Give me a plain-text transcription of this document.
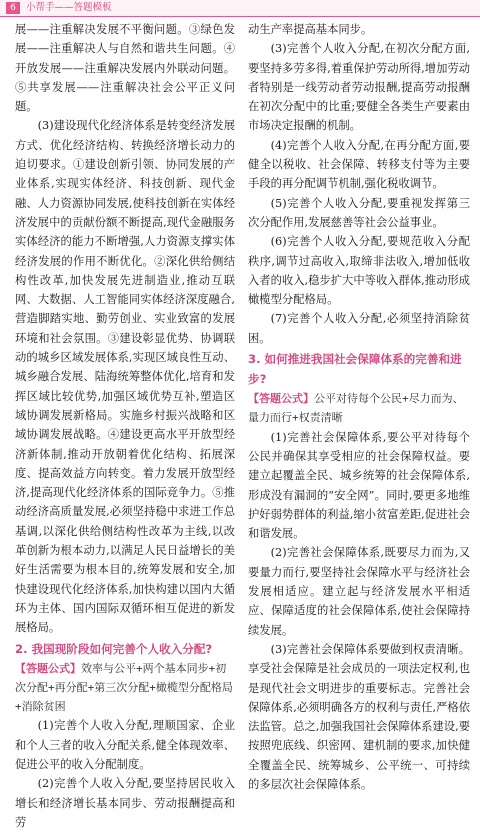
6	小帮手——答题模板

展——注重解决发展不平衡问题。③绿色发展——注重解决人与自然和谐共生问题。④开放发展——注重解决发展内外联动问题。⑤共享发展——注重解决社会公平正义问题。

(3)建设现代化经济体系是转变经济发展方式、优化经济结构、转换经济增长动力的迫切要求。①建设创新引领、协同发展的产业体系,实现实体经济、科技创新、现代金融、人力资源协同发展,使科技创新在实体经济发展中的贡献份额不断提高,现代金融服务实体经济的能力不断增强,人力资源支撑实体经济发展的作用不断优化。②深化供给侧结构性改革,加快发展先进制造业,推动互联网、大数据、人工智能同实体经济深度融合,营造脚踏实地、勤劳创业、实业致富的发展环境和社会氛围。③建设彰显优势、协调联动的城乡区域发展体系,实现区域良性互动、城乡融合发展、陆海统筹整体优化,培育和发挥区域比较优势,加强区域优势互补,塑造区域协调发展新格局。实施乡村振兴战略和区域协调发展战略。④建设更高水平开放型经济新体制,推动开放朝着优化结构、拓展深度、提高效益方向转变。着力发展开放型经济,提高现代化经济体系的国际竞争力。⑤推动经济高质量发展,必须坚持稳中求进工作总基调,以深化供给侧结构性改革为主线,以改革创新为根本动力,以满足人民日益增长的美好生活需要为根本目的,统筹发展和安全,加快建设现代化经济体系,加快构建以国内大循环为主体、国内国际双循环相互促进的新发展格局。

2. 我国现阶段如何完善个人收入分配?

【答题公式】效率与公平+两个基本同步+初次分配+再分配+第三次分配+橄榄型分配格局+消除贫困

(1)完善个人收入分配,理顺国家、企业和个人三者的收入分配关系,健全体现效率、促进公平的收入分配制度。

(2)完善个人收入分配,要坚持居民收入增长和经济增长基本同步、劳动报酬提高和劳

动生产率提高基本同步。

(3)完善个人收入分配,在初次分配方面,要坚持多劳多得,着重保护劳动所得,增加劳动者特别是一线劳动者劳动报酬,提高劳动报酬在初次分配中的比重;要健全各类生产要素由市场决定报酬的机制。

(4)完善个人收入分配,在再分配方面,要健全以税收、社会保障、转移支付等为主要手段的再分配调节机制,强化税收调节。

(5)完善个人收入分配,要重视发挥第三次分配作用,发展慈善等社会公益事业。

(6)完善个人收入分配,要规范收入分配秩序,调节过高收入,取缔非法收入,增加低收入者的收入,稳步扩大中等收入群体,推动形成橄榄型分配格局。

(7)完善个人收入分配,必须坚持消除贫困。

3. 如何推进我国社会保障体系的完善和进步?

【答题公式】公平对待每个公民+尽力而为、量力而行+权责清晰

(1)完善社会保障体系,要公平对待每个公民并确保其享受相应的社会保障权益。要建立起覆盖全民、城乡统筹的社会保障体系,形成没有漏洞的“安全网”。同时,要更多地维护好弱势群体的利益,缩小贫富差距,促进社会和谐发展。

(2)完善社会保障体系,既要尽力而为,又要量力而行,要坚持社会保障水平与经济社会发展相适应。建立起与经济发展水平相适应、保障适度的社会保障体系,使社会保障持续发展。

(3)完善社会保障体系要做到权责清晰。享受社会保障是社会成员的一项法定权利,也是现代社会文明进步的重要标志。完善社会保障体系,必须明确各方的权利与责任,严格依法监管。总之,加强我国社会保障体系建设,要按照兜底线、织密网、建机制的要求,加快健全覆盖全民、统筹城乡、公平统一、可持续的多层次社会保障体系。
